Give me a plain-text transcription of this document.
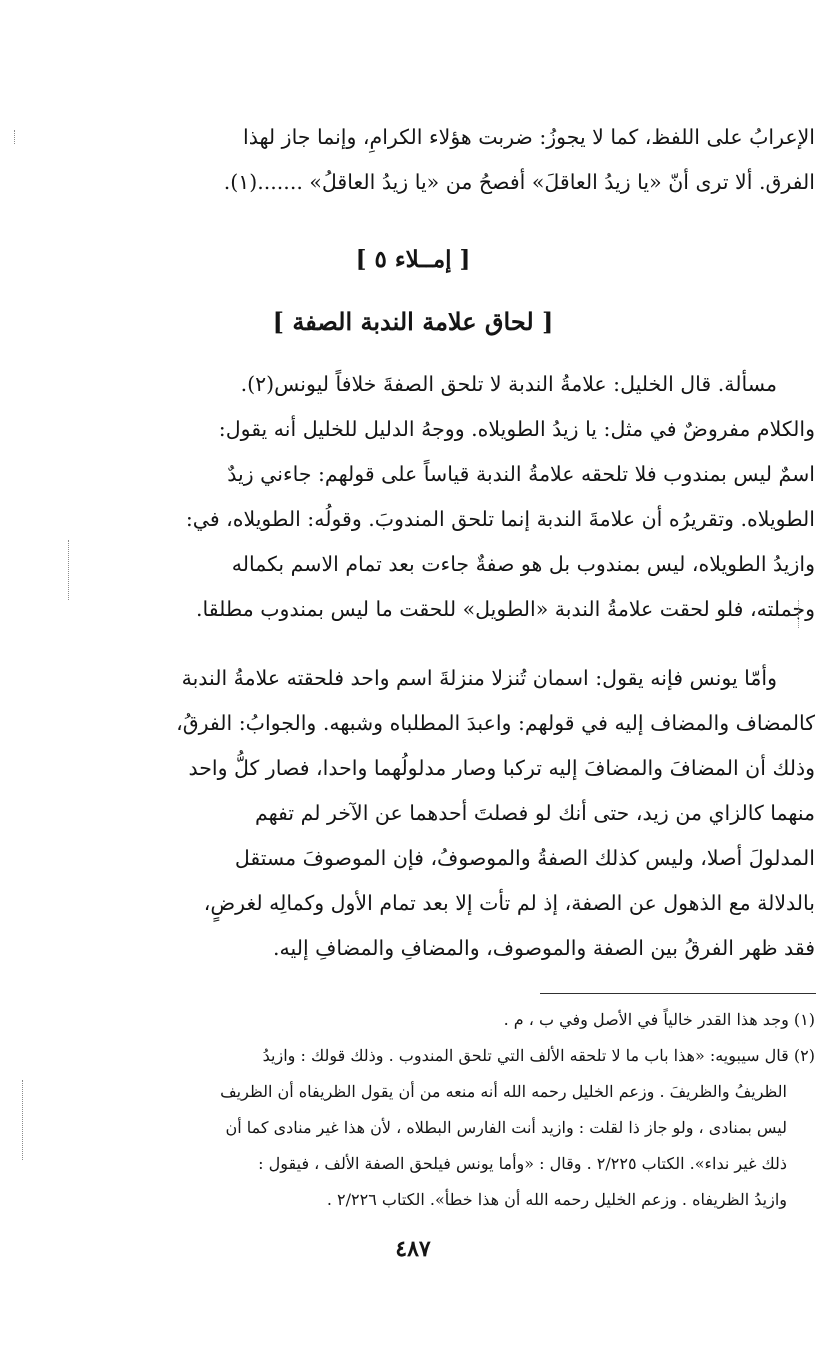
الإعرابُ على اللفظ، كما لا يجوزُ: ضربت هؤلاء الكرامِ، وإنما جاز لهذا
الفرق. ألا ترى أنّ «يا زيدُ العاقلَ» أفصحُ من «يا زيدُ العاقلُ» .......(١).
[ إمــلاء ٥ ]
[ لحاق علامة الندبة الصفة ]
مسألة. قال الخليل: علامةُ الندبة لا تلحق الصفةَ خلافاً ليونس(٢).
والكلام مفروضٌ في مثل: يا زيدُ الطويلاه. ووجهُ الدليل للخليل أنه يقول:
اسمٌ ليس بمندوب فلا تلحقه علامةُ الندبة قياساً على قولهم: جاءني زيدٌ
الطويلاه. وتقريرُه أن علامةَ الندبة إنما تلحق المندوبَ. وقولُه: الطويلاه، في:
وازيدُ الطويلاه، ليس بمندوب بل هو صفةٌ جاءت بعد تمام الاسم بكماله
وجملته، فلو لحقت علامةُ الندبة «الطويل» للحقت ما ليس بمندوب مطلقا.
وأمّا يونس فإنه يقول: اسمان تُنزلا منزلةَ اسم واحد فلحقته علامةُ الندبة
كالمضاف والمضاف إليه في قولهم: واعبدَ المطلباه وشبهه. والجوابُ: الفرقُ،
وذلك أن المضافَ والمضافَ إليه تركبا وصار مدلولُهما واحدا، فصار كلُّ واحد
منهما كالزاي من زيد، حتى أنك لو فصلتَ أحدهما عن الآخر لم تفهم
المدلولَ أصلا، وليس كذلك الصفةُ والموصوفُ، فإن الموصوفَ مستقل
بالدلالة مع الذهول عن الصفة، إذ لم تأت إلا بعد تمام الأول وكمالِه لغرضٍ،
فقد ظهر الفرقُ بين الصفة والموصوف، والمضافِ والمضافِ إليه.
(١) وجد هذا القدر خالياً في الأصل وفي ب ، م .
(٢) قال سيبويه: «هذا باب ما لا تلحقه الألف التي تلحق المندوب . وذلك قولك : وازيدُ
الظريفُ والظريفَ . وزعم الخليل رحمه الله أنه منعه من أن يقول الظريفاه أن الظريف
ليس بمنادى ، ولو جاز ذا لقلت : وازيد أنت الفارس البطلاه ، لأن هذا غير منادى كما أن
ذلك غير نداء». الكتاب ٢/٢٢٥ . وقال : «وأما يونس فيلحق الصفة الألف ، فيقول :
وازيدُ الظريفاه . وزعم الخليل رحمه الله أن هذا خطأ». الكتاب ٢/٢٢٦ .
٤٨٧
